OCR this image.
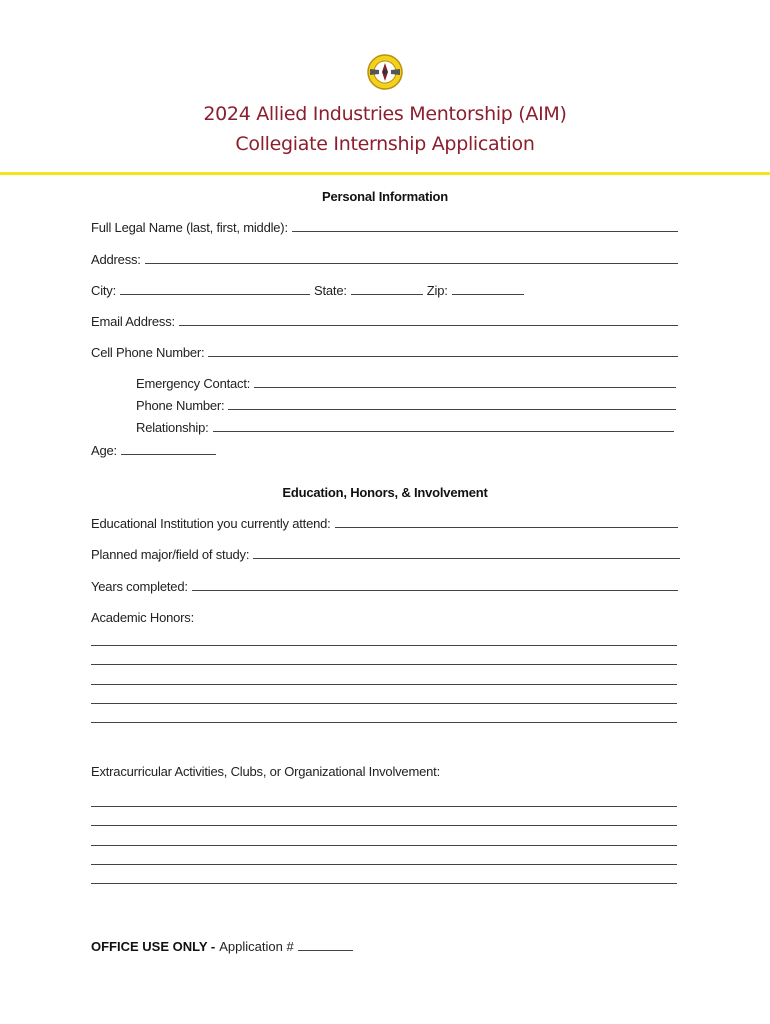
2024 Allied Industries Mentorship (AIM)
Collegiate Internship Application
Personal Information
Full Legal Name (last, first, middle):
Address:
City:	State:	Zip:
Email Address:
Cell Phone Number:
Emergency Contact:
Phone Number:
Relationship:
Age:
Education, Honors, & Involvement
Educational Institution you currently attend:
Planned major/field of study:
Years completed:
Academic Honors:
Extracurricular Activities, Clubs, or Organizational Involvement:
OFFICE USE ONLY - Application #
